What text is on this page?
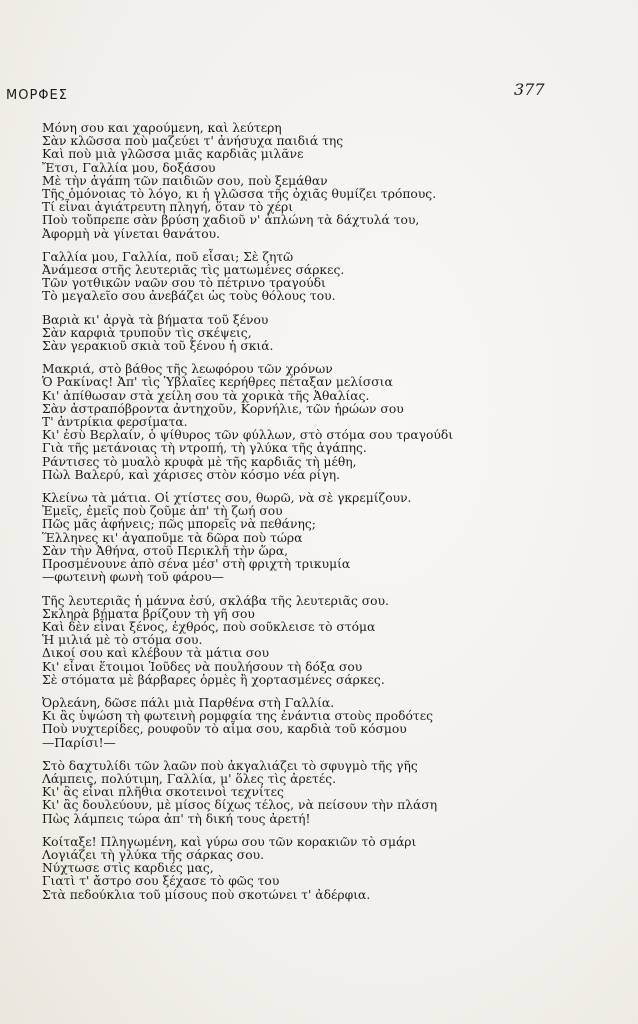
ΜΟΡΦΕΣ	377
Μόνη σου και χαρούμενη, καὶ λεύτερη
Σὰν κλῶσσα ποὺ μαζεύει τ' ἀνήσυχα παιδιά της
Καὶ ποὺ μιὰ γλῶσσα μιᾶς καρδιᾶς μιλᾶνε
Ἔτσι, Γαλλία μου, δοξάσου
Μὲ τὴν ἀγάπη τῶν παιδιῶν σου, ποὺ ξεμάθαν
Τῆς ὁμόνοιας τὸ λόγο, κι ἡ γλῶσσα τῆς ὀχιᾶς θυμίζει τρόπους.
Τί εἶναι ἀγιάτρευτη πληγή, ὅταν τὸ χέρι
Ποὺ τοὔπρεπε σὰν βρύση χαδιοῦ ν' ἁπλώνη τὰ δάχτυλά του,
Ἀφορμὴ νὰ γίνεται θανάτου.
Γαλλία μου, Γαλλία, ποῦ εἶσαι; Σὲ ζητῶ
Ἀνάμεσα στῆς λευτεριᾶς τὶς ματωμένες σάρκες.
Τῶν γοτθικῶν ναῶν σου τὸ πέτρινο τραγούδι
Τὸ μεγαλεῖο σου ἀνεβάζει ὡς τοὺς θόλους του.
Βαριὰ κι' ἀργὰ τὰ βήματα τοῦ ξένου
Σὰν καρφιὰ τρυποῦν τὶς σκέψεις,
Σὰν γερακιοῦ σκιὰ τοῦ ξένου ἡ σκιά.
Μακριά, στὸ βάθος τῆς λεωφόρου τῶν χρόνων
Ὁ Ρακίνας! Ἀπ' τὶς Ὑβλαῖες κερήθρες πέταξαν μελίσσια
Κι' ἀπίθωσαν στὰ χείλη σου τὰ χορικὰ τῆς Ἀθαλίας.
Σὰν ἀστραπόβροντα ἀντηχοῦν, Κορνήλιε, τῶν ἡρώων σου
Τ' ἀντρίκια φερσίματα.
Κι' ἐσὺ Βερλαίν, ὁ ψίθυρος τῶν φύλλων, στὸ στόμα σου τραγούδι
Γιὰ τῆς μετάνοιας τὴ ντροπή, τὴ γλύκα τῆς ἀγάπης.
Ράντισες τὸ μυαλὸ κρυφὰ μὲ τῆς καρδιᾶς τὴ μέθη,
Πὼλ Βαλερύ, καὶ χάρισες στὸν κόσμο νέα ρίγη.
Κλείνω τὰ μάτια. Οἱ χτίστες σου, θωρῶ, νὰ σὲ γκρεμίζουν.
Ἐμεῖς, ἐμεῖς ποὺ ζοῦμε ἀπ' τὴ ζωή σου
Πῶς μᾶς ἀφήνεις; πῶς μπορεῖς νὰ πεθάνης;
Ἕλληνες κι' ἀγαποῦμε τὰ δῶρα ποὺ τώρα
Σὰν τὴν Ἀθήνα, στοῦ Περικλῆ τὴν ὥρα,
Προσμένουνε ἀπὸ σένα μέσ' στὴ φριχτὴ τρικυμία
—φωτεινὴ φωνὴ τοῦ φάρου—
Τῆς λευτεριᾶς ἡ μάννα ἐσύ, σκλάβα τῆς λευτεριᾶς σου.
Σκληρὰ βήματα βρίζουν τὴ γῆ σου
Καὶ δὲν εἶναι ξένος, ἐχθρός, ποὺ σοῦκλεισε τὸ στόμα
Ἡ μιλιά μὲ τὸ στόμα σου.
Δικοί σου καὶ κλέβουν τὰ μάτια σου
Κι' εἶναι ἕτοιμοι Ἰοῦδες νὰ πουλήσουν τὴ δόξα σου
Σὲ στόματα μὲ βάρβαρες ὁρμὲς ἢ χορτασμένες σάρκες.
Ὀρλεάνη, δῶσε πάλι μιὰ Παρθένα στὴ Γαλλία.
Κι ἂς ὑψώση τὴ φωτεινὴ ρομφαία της ἐνάντια στοὺς προδότες
Ποὺ νυχτερίδες, ρουφοῦν τὸ αἷμα σου, καρδιὰ τοῦ κόσμου
—Παρίσι!—
Στὸ δαχτυλίδι τῶν λαῶν ποὺ ἀκγαλιάζει τὸ σφυγμὸ τῆς γῆς
Λάμπεις, πολύτιμη, Γαλλία, μ' ὅλες τὶς ἀρετές.
Κι' ἂς εἶναι πλῆθια σκοτεινοὶ τεχνίτες
Κι' ἂς δουλεύουν, μὲ μίσος δίχως τέλος, νὰ πείσουν τὴν πλάση
Πὼς λάμπεις τώρα ἀπ' τὴ δική τους ἀρετή!
Κοίταξε! Πληγωμένη, καὶ γύρω σου τῶν κορακιῶν τὸ σμάρι
Λογιάζει τὴ γλύκα τῆς σάρκας σου.
Νύχτωσε στὶς καρδιές μας,
Γιατὶ τ' ἄστρο σου ξέχασε τὸ φῶς του
Στὰ πεδούκλια τοῦ μίσους ποὺ σκοτώνει τ' ἀδέρφια.
